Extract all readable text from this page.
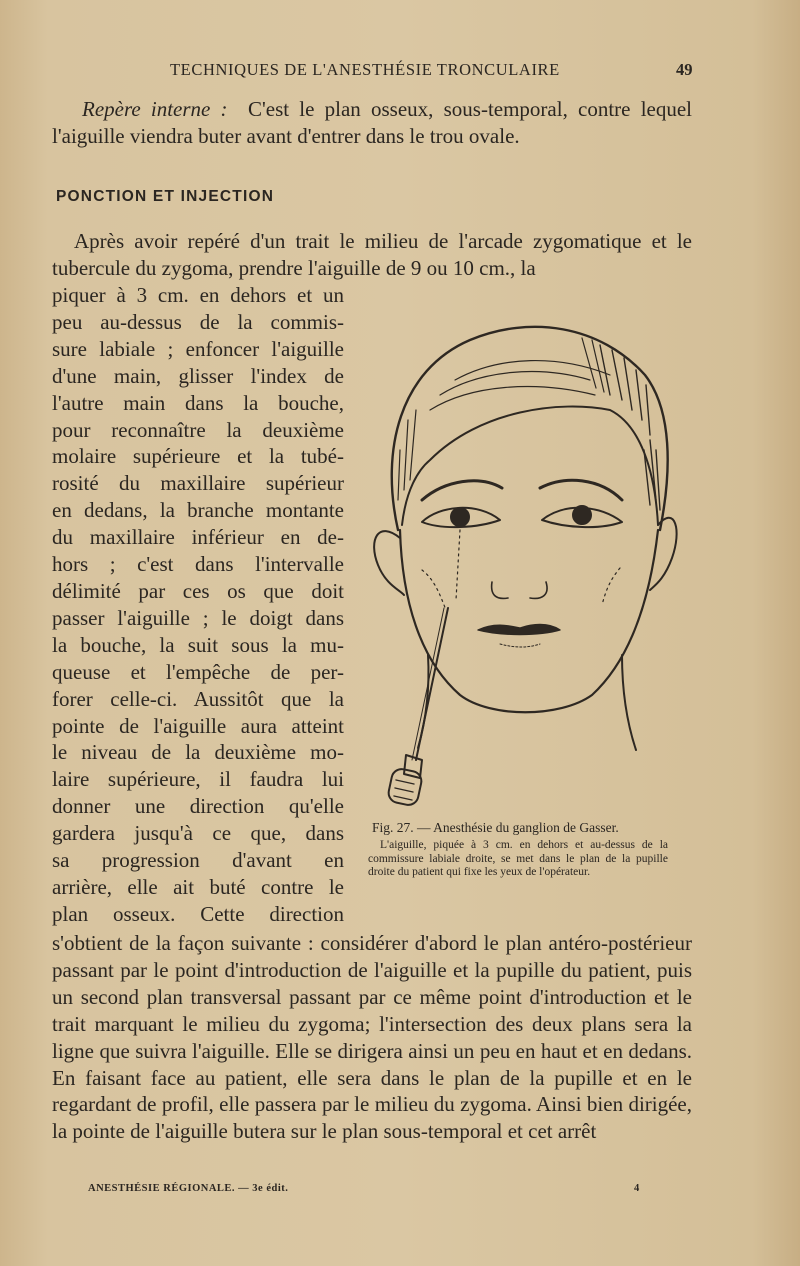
TECHNIQUES DE L'ANESTHÉSIE TRONCULAIRE	49

Repère interne : C'est le plan osseux, sous-temporal, contre lequel l'aiguille viendra buter avant d'entrer dans le trou ovale.

PONCTION ET INJECTION

Après avoir repéré d'un trait le milieu de l'arcade zygomatique et le tubercule du zygoma, prendre l'aiguille de 9 ou 10 cm., la

piquer à 3 cm. en dehors et un
peu au-dessus de la commis-
sure labiale ; enfoncer l'aiguille
d'une main, glisser l'index de
l'autre main dans la bouche,
pour reconnaître la deuxième
molaire supérieure et la tubé-
rosité du maxillaire supérieur
en dedans, la branche montante
du maxillaire inférieur en de-
hors ; c'est dans l'intervalle
délimité par ces os que doit
passer l'aiguille ; le doigt dans
la bouche, la suit sous la mu-
queuse et l'empêche de per-
forer celle-ci. Aussitôt que la
pointe de l'aiguille aura atteint
le niveau de la deuxième mo-
laire supérieure, il faudra lui
donner une direction qu'elle
gardera jusqu'à ce que, dans
sa progression d'avant en
arrière, elle ait buté contre le
plan osseux. Cette direction
Fig. 27. — Anesthésie du ganglion de Gasser.
L'aiguille, piquée à 3 cm. en dehors et au-dessus de la commissure labiale droite, se met dans le plan de la pupille droite du patient qui fixe les yeux de l'opérateur.

s'obtient de la façon suivante : considérer d'abord le plan antéro-postérieur passant par le point d'introduction de l'aiguille et la pupille du patient, puis un second plan transversal passant par ce même point d'introduction et le trait marquant le milieu du zygoma; l'intersection des deux plans sera la ligne que suivra l'aiguille. Elle se dirigera ainsi un peu en haut et en dedans. En faisant face au patient, elle sera dans le plan de la pupille et en le regardant de profil, elle passera par le milieu du zygoma. Ainsi bien dirigée, la pointe de l'aiguille butera sur le plan sous-temporal et cet arrêt

ANESTHÉSIE RÉGIONALE. — 3e édit.	4
